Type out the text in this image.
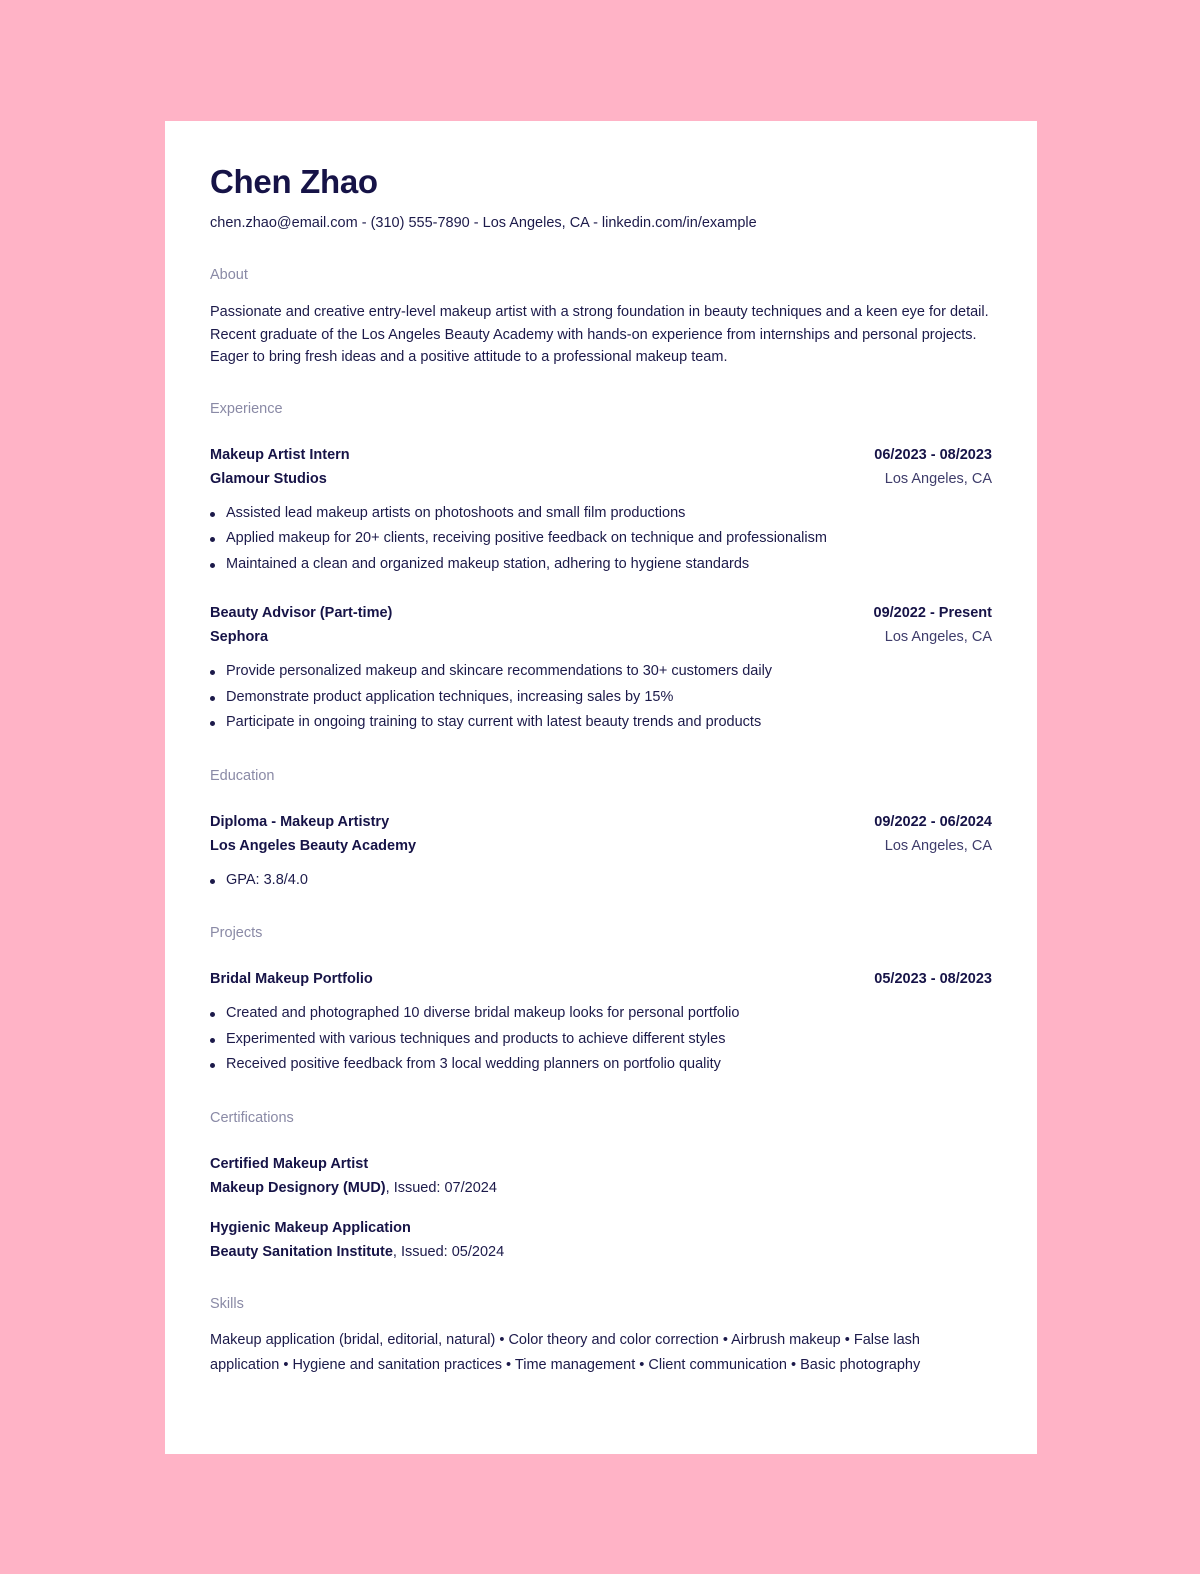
Chen Zhao
chen.zhao@email.com - (310) 555-7890 - Los Angeles, CA - linkedin.com/in/example
About
Passionate and creative entry-level makeup artist with a strong foundation in beauty techniques and a keen eye for detail. Recent graduate of the Los Angeles Beauty Academy with hands-on experience from internships and personal projects. Eager to bring fresh ideas and a positive attitude to a professional makeup team.
Experience
Makeup Artist Intern	06/2023 - 08/2023
Glamour Studios	Los Angeles, CA
Assisted lead makeup artists on photoshoots and small film productions
Applied makeup for 20+ clients, receiving positive feedback on technique and professionalism
Maintained a clean and organized makeup station, adhering to hygiene standards
Beauty Advisor (Part-time)	09/2022 - Present
Sephora	Los Angeles, CA
Provide personalized makeup and skincare recommendations to 30+ customers daily
Demonstrate product application techniques, increasing sales by 15%
Participate in ongoing training to stay current with latest beauty trends and products
Education
Diploma - Makeup Artistry	09/2022 - 06/2024
Los Angeles Beauty Academy	Los Angeles, CA
GPA: 3.8/4.0
Projects
Bridal Makeup Portfolio	05/2023 - 08/2023
Created and photographed 10 diverse bridal makeup looks for personal portfolio
Experimented with various techniques and products to achieve different styles
Received positive feedback from 3 local wedding planners on portfolio quality
Certifications
Certified Makeup Artist
Makeup Designory (MUD), Issued: 07/2024
Hygienic Makeup Application
Beauty Sanitation Institute, Issued: 05/2024
Skills
Makeup application (bridal, editorial, natural) • Color theory and color correction • Airbrush makeup • False lash application • Hygiene and sanitation practices • Time management • Client communication • Basic photography
